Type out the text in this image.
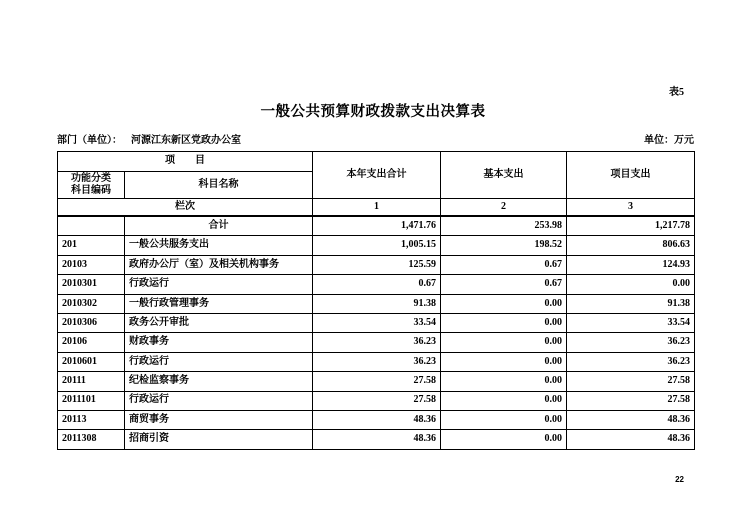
表5
一般公共预算财政拨款支出决算表
部门（单位）： 河源江东新区党政办公室	单位：万元
项　　目		本年支出合计	基本支出	项目支出

功能分类
科目编码	科目名称			
栏次		1	2	3
	合计	1,471.76	253.98	1,217.78
201	一般公共服务支出	1,005.15	198.52	806.63
20103	政府办公厅（室）及相关机构事务	125.59	0.67	124.93
2010301	行政运行	0.67	0.67	0.00
2010302	一般行政管理事务	91.38	0.00	91.38
2010306	政务公开审批	33.54	0.00	33.54
20106	财政事务	36.23	0.00	36.23
2010601	行政运行	36.23	0.00	36.23
20111	纪检监察事务	27.58	0.00	27.58
2011101	行政运行	27.58	0.00	27.58
20113	商贸事务	48.36	0.00	48.36
2011308	招商引资	48.36	0.00	48.36
22
